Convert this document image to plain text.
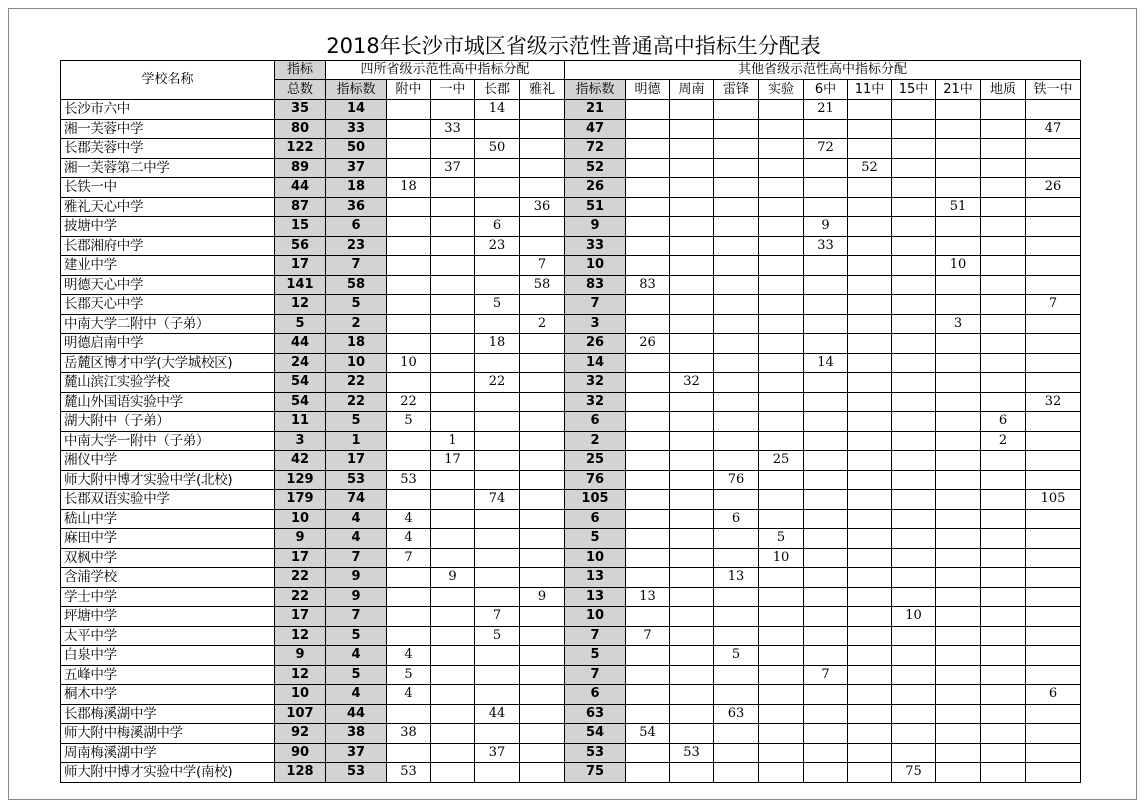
2018年长沙市城区省级示范性普通高中指标生分配表
学校名称	指标	四所省级示范性高中指标分配					其他省级示范性高中指标分配										
	总数	指标数	附中	一中	长郡	雅礼	指标数	明德	周南	雷锋	实验	6中	11中	15中	21中	地质	铁一中
长沙市六中	35	14			14		21					21					
湘一芙蓉中学	80	33		33			47										47
长郡芙蓉中学	122	50			50		72					72					
湘一芙蓉第二中学	89	37		37			52						52				
长铁一中	44	18	18				26										26
雅礼天心中学	87	36				36	51								51		
披塘中学	15	6			6		9					9					
长郡湘府中学	56	23			23		33					33					
建业中学	17	7				7	10								10		
明德天心中学	141	58				58	83	83									
长郡天心中学	12	5			5		7										7
中南大学二附中（子弟）	5	2				2	3								3		
明德启南中学	44	18			18		26	26									
岳麓区博才中学(大学城校区)	24	10	10				14					14					
麓山滨江实验学校	54	22			22		32		32								
麓山外国语实验中学	54	22	22				32										32
湖大附中（子弟）	11	5	5				6									6	
中南大学一附中（子弟）	3	1		1			2									2	
湘仪中学	42	17		17			25				25						
师大附中博才实验中学(北校)	129	53	53				76			76							
长郡双语实验中学	179	74			74		105										105
嵇山中学	10	4	4				6			6							
麻田中学	9	4	4				5				5						
双枫中学	17	7	7				10				10						
含浦学校	22	9		9			13			13							
学士中学	22	9				9	13	13									
坪塘中学	17	7			7		10							10			
太平中学	12	5			5		7	7									
白泉中学	9	4	4				5			5							
五峰中学	12	5	5				7					7					
桐木中学	10	4	4				6										6
长郡梅溪湖中学	107	44			44		63			63							
师大附中梅溪湖中学	92	38	38				54	54									
周南梅溪湖中学	90	37			37		53		53								
师大附中博才实验中学(南校)	128	53	53				75							75			
